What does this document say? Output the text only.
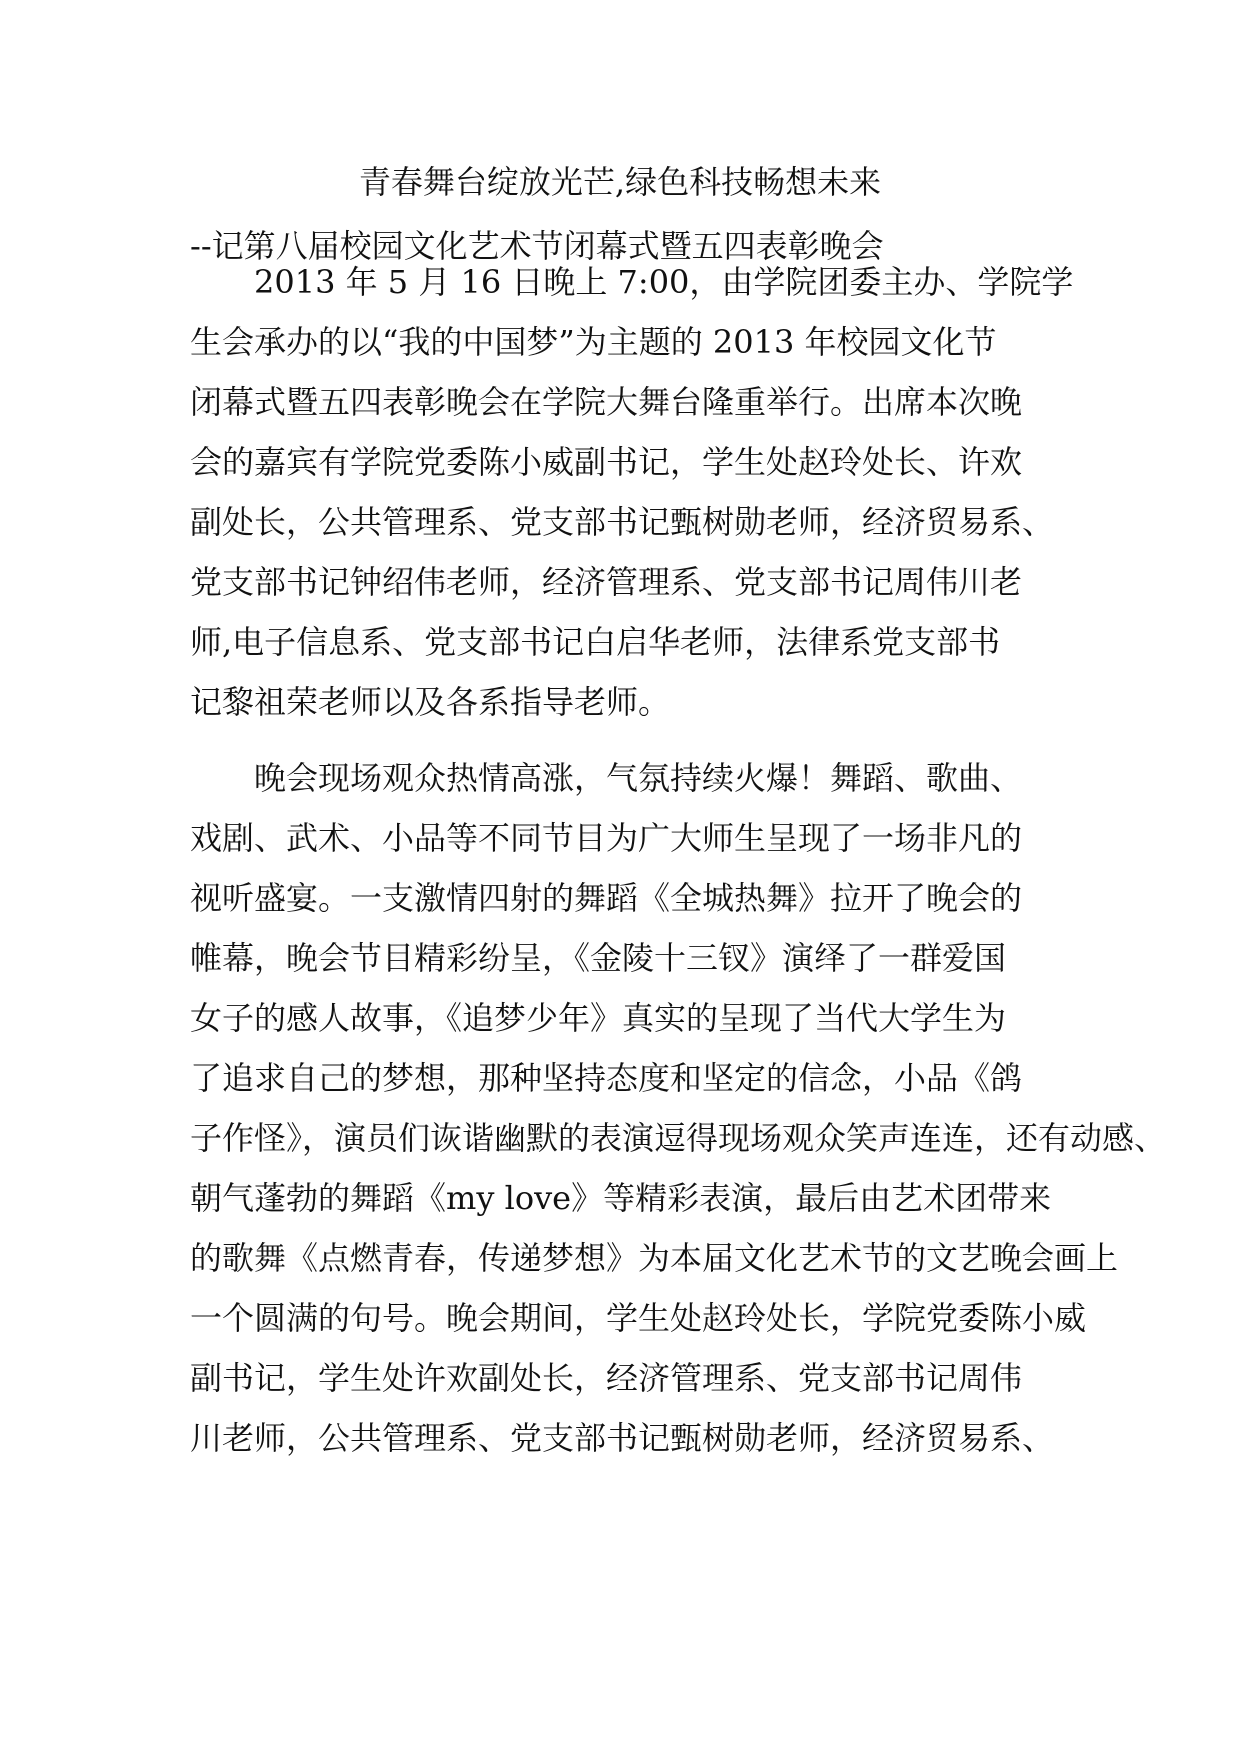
青春舞台绽放光芒,绿色科技畅想未来
--记第八届校园文化艺术节闭幕式暨五四表彰晚会
2013 年 5 月 16 日晚上 7:00，由学院团委主办、学院学
生会承办的以“我的中国梦”为主题的 2013 年校园文化节
闭幕式暨五四表彰晚会在学院大舞台隆重举行。出席本次晚
会的嘉宾有学院党委陈小威副书记，学生处赵玲处长、许欢
副处长，公共管理系、党支部书记甄树勋老师，经济贸易系、
党支部书记钟绍伟老师，经济管理系、党支部书记周伟川老
师,电子信息系、党支部书记白启华老师，法律系党支部书
记黎祖荣老师以及各系指导老师。
晚会现场观众热情高涨，气氛持续火爆！舞蹈、歌曲、
戏剧、武术、小品等不同节目为广大师生呈现了一场非凡的
视听盛宴。一支激情四射的舞蹈《全城热舞》拉开了晚会的
帷幕，晚会节目精彩纷呈，《金陵十三钗》演绎了一群爱国
女子的感人故事，《追梦少年》真实的呈现了当代大学生为
了追求自己的梦想，那种坚持态度和坚定的信念，小品《鸽
子作怪》，演员们诙谐幽默的表演逗得现场观众笑声连连，还有动感、
朝气蓬勃的舞蹈《my love》等精彩表演，最后由艺术团带来
的歌舞《点燃青春，传递梦想》为本届文化艺术节的文艺晚会画上
一个圆满的句号。晚会期间，学生处赵玲处长，学院党委陈小威
副书记，学生处许欢副处长，经济管理系、党支部书记周伟
川老师，公共管理系、党支部书记甄树勋老师，经济贸易系、
